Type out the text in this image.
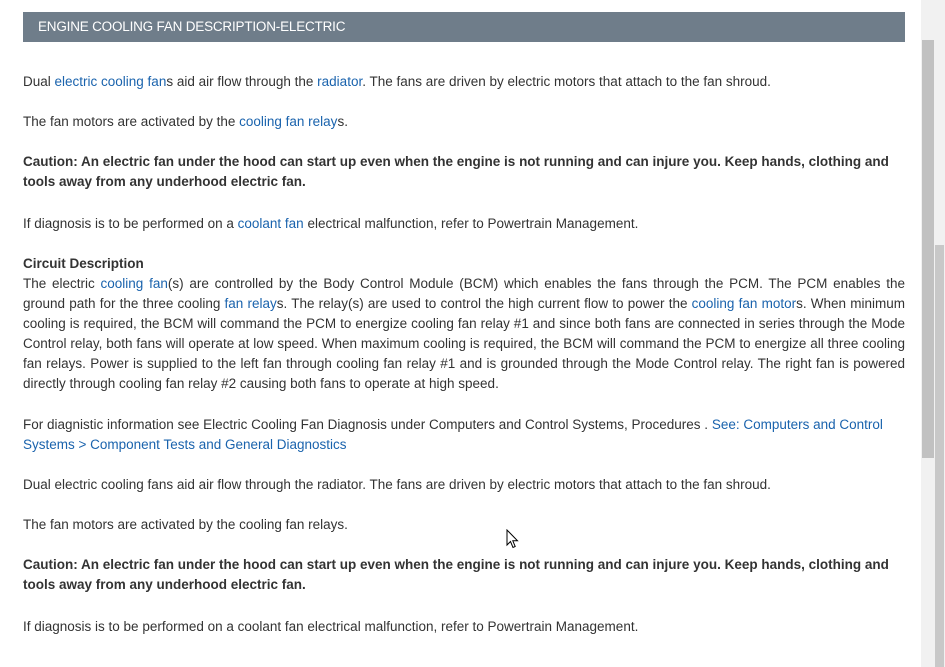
ENGINE COOLING FAN DESCRIPTION-ELECTRIC

Dual electric cooling fans aid air flow through the radiator. The fans are driven by electric motors that attach to the fan shroud.

The fan motors are activated by the cooling fan relays.

Caution: An electric fan under the hood can start up even when the engine is not running and can injure you. Keep hands, clothing and tools away from any underhood electric fan.

If diagnosis is to be performed on a coolant fan electrical malfunction, refer to Powertrain Management.

Circuit Description

The electric cooling fan(s) are controlled by the Body Control Module (BCM) which enables the fans through the PCM. The PCM enables the ground path for the three cooling fan relays. The relay(s) are used to control the high current flow to power the cooling fan motors. When minimum cooling is required, the BCM will command the PCM to energize cooling fan relay #1 and since both fans are connected in series through the Mode Control relay, both fans will operate at low speed. When maximum cooling is required, the BCM will command the PCM to energize all three cooling fan relays. Power is supplied to the left fan through cooling fan relay #1 and is grounded through the Mode Control relay. The right fan is powered directly through cooling fan relay #2 causing both fans to operate at high speed.

For diagnistic information see Electric Cooling Fan Diagnosis under Computers and Control Systems, Procedures . See: Computers and Control Systems > Component Tests and General Diagnostics

Dual electric cooling fans aid air flow through the radiator. The fans are driven by electric motors that attach to the fan shroud.

The fan motors are activated by the cooling fan relays.

Caution: An electric fan under the hood can start up even when the engine is not running and can injure you. Keep hands, clothing and tools away from any underhood electric fan.

If diagnosis is to be performed on a coolant fan electrical malfunction, refer to Powertrain Management.
